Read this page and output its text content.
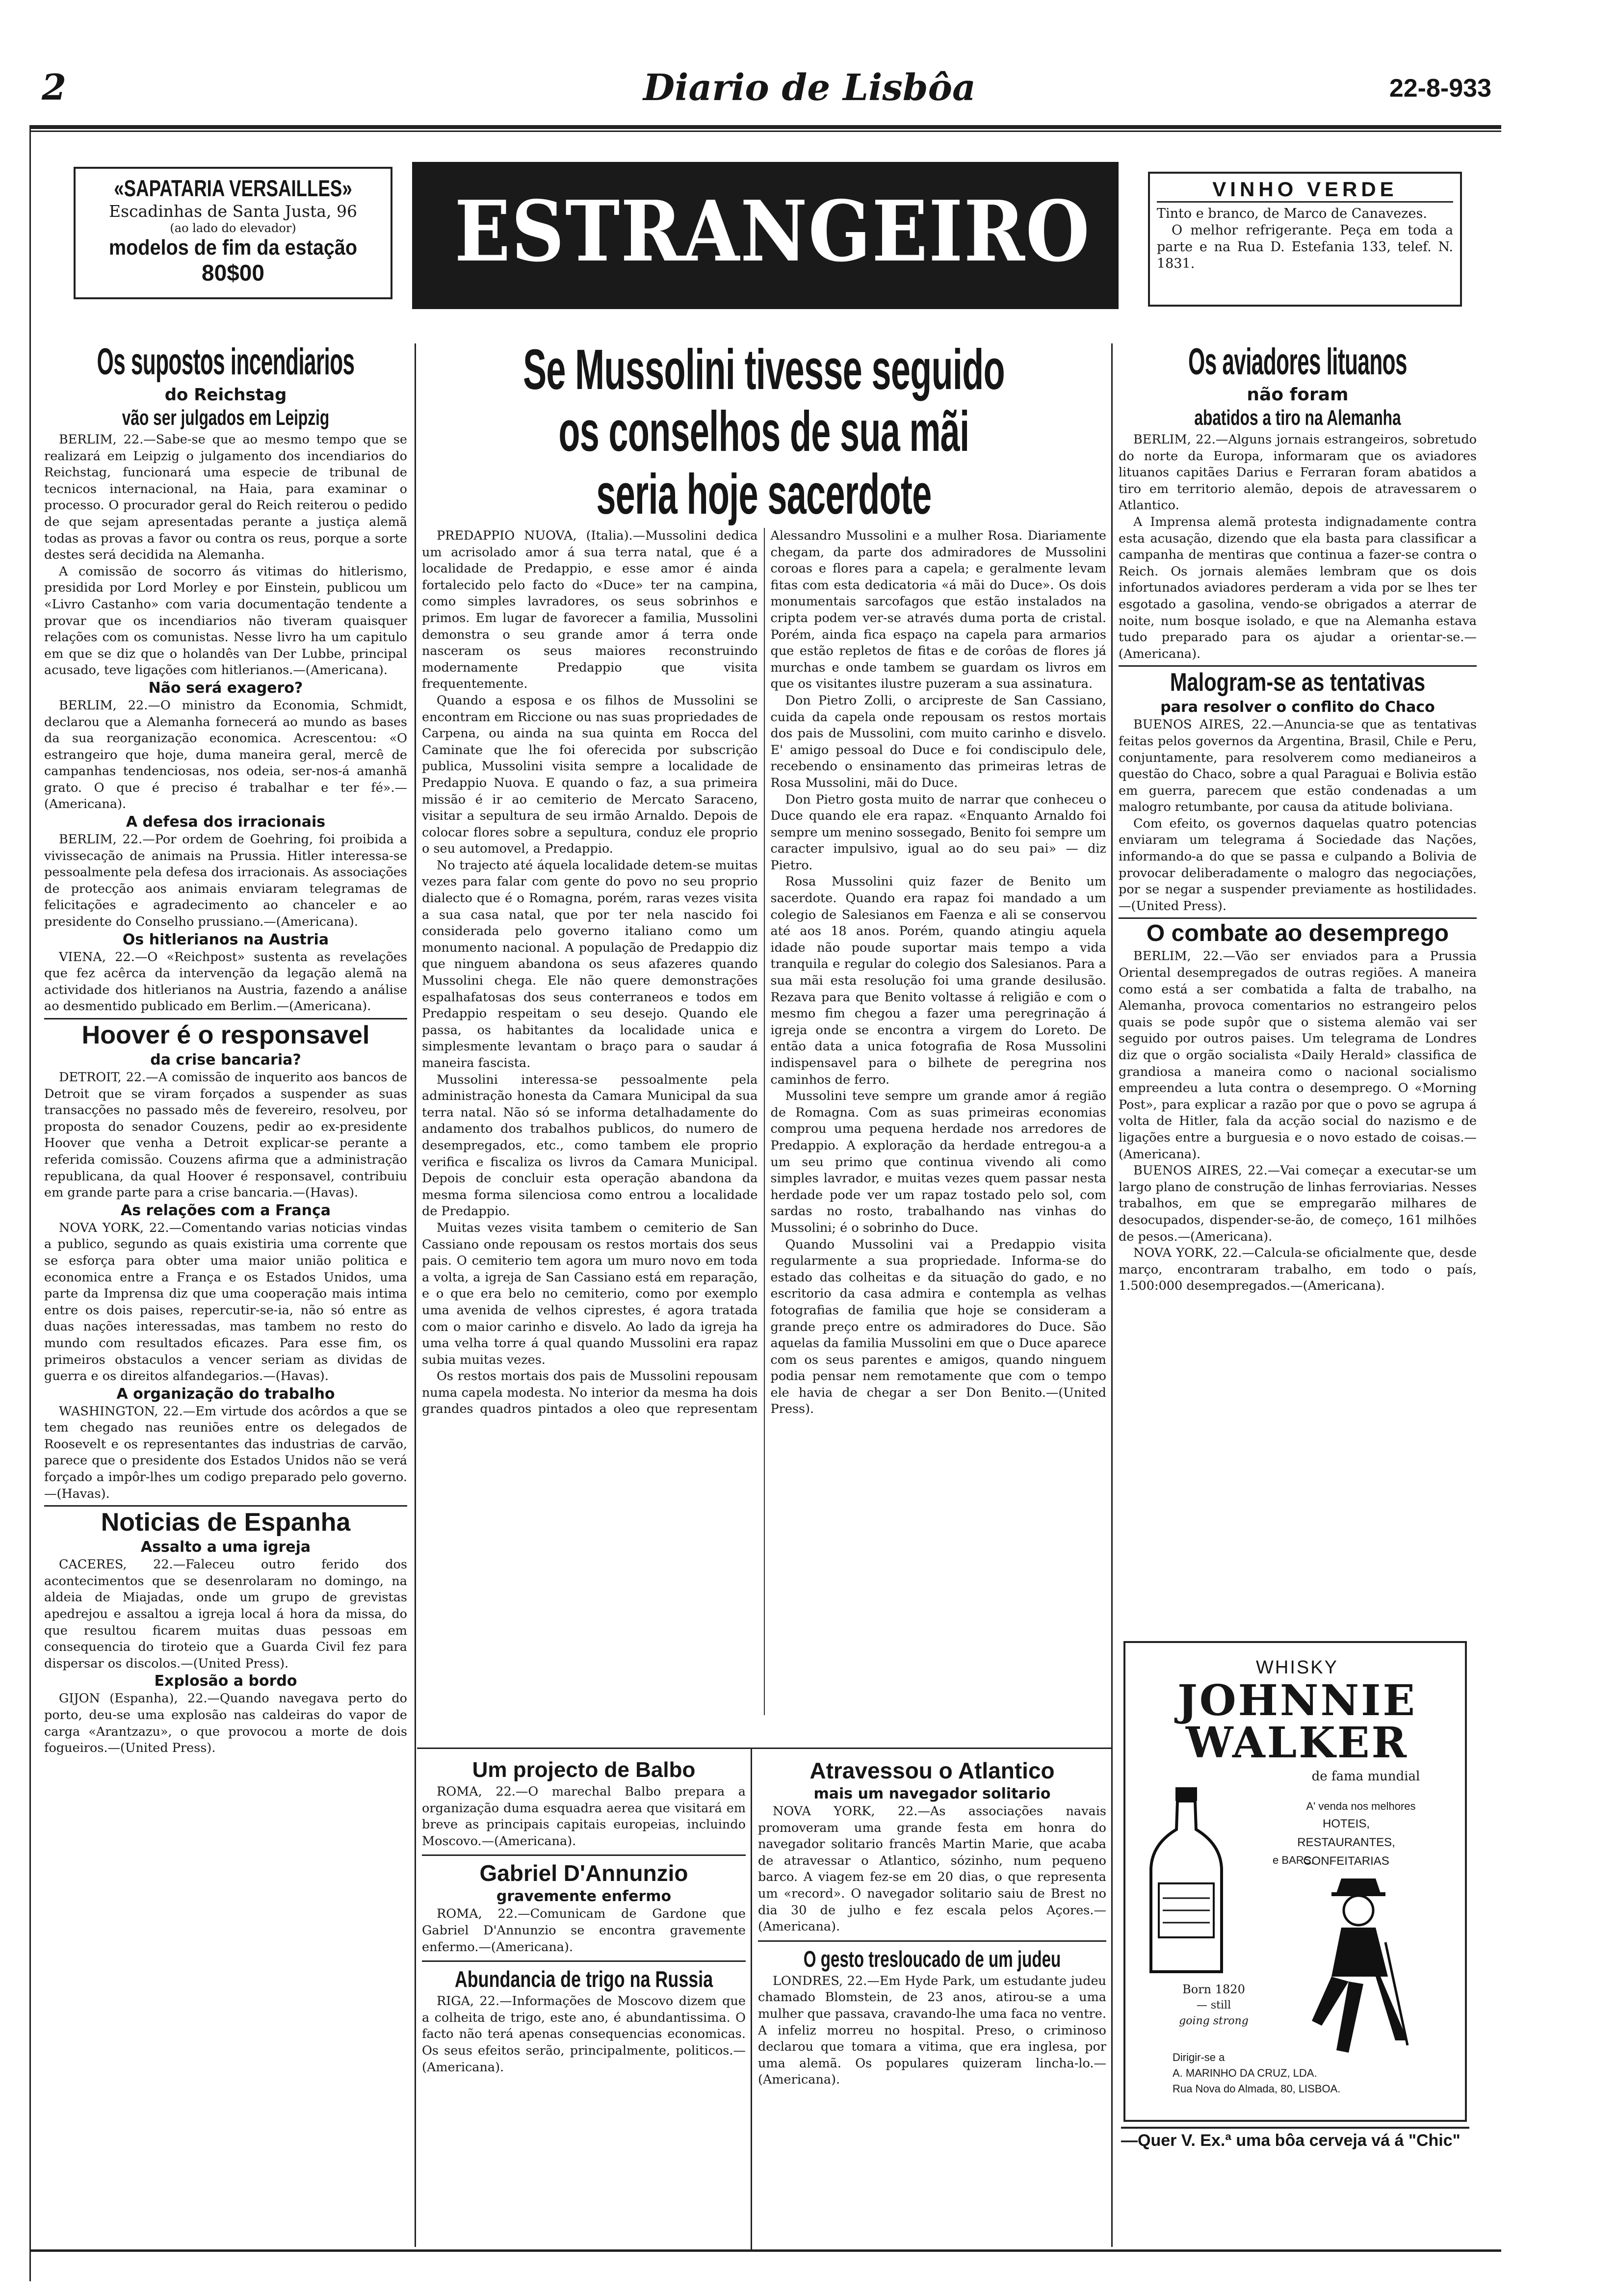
2	Diario de Lisbôa	22-8-933
«SAPATARIA VERSAILLES»
Escadinhas de Santa Justa, 96
(ao lado do elevador)
modelos de fim da estação
80$00	ESTRANGEIRO	VINHO VERDE
Tinto e branco, de Marco de Canavezes.
O melhor refrigerante. Peça em toda a parte e na Rua D. Estefania 133, telef. N. 1831.
Os supostos incendiarios
do Reichstag
vão ser julgados em Leipzig

BERLIM, 22.—Sabe-se que ao mesmo tempo que se realizará em Leipzig o julgamento dos incendiarios do Reichstag, funcionará uma especie de tribunal de tecnicos internacional, na Haia, para examinar o processo. O procurador geral do Reich reiterou o pedido de que sejam apresentadas perante a justiça alemã todas as provas a favor ou contra os reus, porque a sorte destes será decidida na Alemanha.

A comissão de socorro ás vitimas do hitlerismo, presidida por Lord Morley e por Einstein, publicou um «Livro Castanho» com varia documentação tendente a provar que os incendiarios não tiveram quaisquer relações com os comunistas. Nesse livro ha um capitulo em que se diz que o holandês van Der Lubbe, principal acusado, teve ligações com hitlerianos.—(Americana).

Não será exagero?

BERLIM, 22.—O ministro da Economia, Schmidt, declarou que a Alemanha fornecerá ao mundo as bases da sua reorganização economica. Acrescentou: «O estrangeiro que hoje, duma maneira geral, mercê de campanhas tendenciosas, nos odeia, ser-nos-á amanhã grato. O que é preciso é trabalhar e ter fé».—(Americana).

A defesa dos irracionais

BERLIM, 22.—Por ordem de Goehring, foi proibida a vivissecação de animais na Prussia. Hitler interessa-se pessoalmente pela defesa dos irracionais. As associações de protecção aos animais enviaram telegramas de felicitações e agradecimento ao chanceler e ao presidente do Conselho prussiano.—(Americana).

Os hitlerianos na Austria

VIENA, 22.—O «Reichpost» sustenta as revelações que fez acêrca da intervenção da legação alemã na actividade dos hitlerianos na Austria, fazendo a análise ao desmentido publicado em Berlim.—(Americana).

Hoover é o responsavel
da crise bancaria?

DETROIT, 22.—A comissão de inquerito aos bancos de Detroit que se viram forçados a suspender as suas transacções no passado mês de fevereiro, resolveu, por proposta do senador Couzens, pedir ao ex-presidente Hoover que venha a Detroit explicar-se perante a referida comissão. Couzens afirma que a administração republicana, da qual Hoover é responsavel, contribuiu em grande parte para a crise bancaria.—(Havas).

As relações com a França

NOVA YORK, 22.—Comentando varias noticias vindas a publico, segundo as quais existiria uma corrente que se esforça para obter uma maior união politica e economica entre a França e os Estados Unidos, uma parte da Imprensa diz que uma cooperação mais intima entre os dois paises, repercutir-se-ia, não só entre as duas nações interessadas, mas tambem no resto do mundo com resultados eficazes. Para esse fim, os primeiros obstaculos a vencer seriam as dividas de guerra e os direitos alfandegarios.—(Havas).

A organização do trabalho

WASHINGTON, 22.—Em virtude dos acôrdos a que se tem chegado nas reuniões entre os delegados de Roosevelt e os representantes das industrias de carvão, parece que o presidente dos Estados Unidos não se verá forçado a impôr-lhes um codigo preparado pelo governo.—(Havas).

Noticias de Espanha
Assalto a uma igreja

CACERES, 22.—Faleceu outro ferido dos acontecimentos que se desenrolaram no domingo, na aldeia de Miajadas, onde um grupo de grevistas apedrejou e assaltou a igreja local á hora da missa, do que resultou ficarem muitas duas pessoas em consequencia do tiroteio que a Guarda Civil fez para dispersar os discolos.—(United Press).

Explosão a bordo

GIJON (Espanha), 22.—Quando navegava perto do porto, deu-se uma explosão nas caldeiras do vapor de carga «Arantzazu», o que provocou a morte de dois fogueiros.—(United Press).

Se Mussolini tivesse seguido
os conselhos de sua mãi
seria hoje sacerdote

PREDAPPIO NUOVA, (Italia).—Mussolini dedica um acrisolado amor á sua terra natal, que é a localidade de Predappio, e esse amor é ainda fortalecido pelo facto do «Duce» ter na campina, como simples lavradores, os seus sobrinhos e primos. Em lugar de favorecer a familia, Mussolini demonstra o seu grande amor á terra onde nasceram os seus maiores reconstruindo modernamente Predappio que visita frequentemente.

Quando a esposa e os filhos de Mussolini se encontram em Riccione ou nas suas propriedades de Carpena, ou ainda na sua quinta em Rocca del Caminate que lhe foi oferecida por subscrição publica, Mussolini visita sempre a localidade de Predappio Nuova. E quando o faz, a sua primeira missão é ir ao cemiterio de Mercato Saraceno, visitar a sepultura de seu irmão Arnaldo. Depois de colocar flores sobre a sepultura, conduz ele proprio o seu automovel, a Predappio.

No trajecto até áquela localidade detem-se muitas vezes para falar com gente do povo no seu proprio dialecto que é o Romagna, porém, raras vezes visita a sua casa natal, que por ter nela nascido foi considerada pelo governo italiano como um monumento nacional. A população de Predappio diz que ninguem abandona os seus afazeres quando Mussolini chega. Ele não quere demonstrações espalhafatosas dos seus conterraneos e todos em Predappio respeitam o seu desejo. Quando ele passa, os habitantes da localidade unica e simplesmente levantam o braço para o saudar á maneira fascista.

Mussolini interessa-se pessoalmente pela administração honesta da Camara Municipal da sua terra natal. Não só se informa detalhadamente do andamento dos trabalhos publicos, do numero de desempregados, etc., como tambem ele proprio verifica e fiscaliza os livros da Camara Municipal. Depois de concluir esta operação abandona da mesma forma silenciosa como entrou a localidade de Predappio.

Muitas vezes visita tambem o cemiterio de San Cassiano onde repousam os restos mortais dos seus pais. O cemiterio tem agora um muro novo em toda a volta, a igreja de San Cassiano está em reparação, e o que era belo no cemiterio, como por exemplo uma avenida de velhos ciprestes, é agora tratada com o maior carinho e disvelo. Ao lado da igreja ha uma velha torre á qual quando Mussolini era rapaz subia muitas vezes.

Os restos mortais dos pais de Mussolini repousam numa capela modesta. No interior da mesma ha dois grandes quadros pintados a oleo que representam Alessandro Mussolini e a mulher Rosa. Diariamente chegam, da parte dos admiradores de Mussolini coroas e flores para a capela; e geralmente levam fitas com esta dedicatoria «á mãi do Duce». Os dois monumentais sarcofagos que estão instalados na cripta podem ver-se através duma porta de cristal. Porém, ainda fica espaço na capela para armarios que estão repletos de fitas e de corôas de flores já murchas e onde tambem se guardam os livros em que os visitantes ilustre puzeram a sua assinatura.

Don Pietro Zolli, o arcipreste de San Cassiano, cuida da capela onde repousam os restos mortais dos pais de Mussolini, com muito carinho e disvelo. E' amigo pessoal do Duce e foi condiscipulo dele, recebendo o ensinamento das primeiras letras de Rosa Mussolini, mãi do Duce.

Don Pietro gosta muito de narrar que conheceu o Duce quando ele era rapaz. «Enquanto Arnaldo foi sempre um menino sossegado, Benito foi sempre um caracter impulsivo, igual ao do seu pai» — diz Pietro.

Rosa Mussolini quiz fazer de Benito um sacerdote. Quando era rapaz foi mandado a um colegio de Salesianos em Faenza e ali se conservou até aos 18 anos. Porém, quando atingiu aquela idade não poude suportar mais tempo a vida tranquila e regular do colegio dos Salesianos. Para a sua mãi esta resolução foi uma grande desilusão. Rezava para que Benito voltasse á religião e com o mesmo fim chegou a fazer uma peregrinação á igreja onde se encontra a virgem do Loreto. De então data a unica fotografia de Rosa Mussolini indispensavel para o bilhete de peregrina nos caminhos de ferro.

Mussolini teve sempre um grande amor á região de Romagna. Com as suas primeiras economias comprou uma pequena herdade nos arredores de Predappio. A exploração da herdade entregou-a a um seu primo que continua vivendo ali como simples lavrador, e muitas vezes quem passar nesta herdade pode ver um rapaz tostado pelo sol, com sardas no rosto, trabalhando nas vinhas do Mussolini; é o sobrinho do Duce.

Quando Mussolini vai a Predappio visita regularmente a sua propriedade. Informa-se do estado das colheitas e da situação do gado, e no escritorio da casa admira e contempla as velhas fotografias de familia que hoje se consideram a grande preço entre os admiradores do Duce. São aquelas da familia Mussolini em que o Duce aparece com os seus parentes e amigos, quando ninguem podia pensar nem remotamente que com o tempo ele havia de chegar a ser Don Benito.—(United Press).

Um projecto de Balbo

ROMA, 22.—O marechal Balbo prepara a organização duma esquadra aerea que visitará em breve as principais capitais europeias, incluindo Moscovo.—(Americana).

Gabriel D'Annunzio
gravemente enfermo

ROMA, 22.—Comunicam de Gardone que Gabriel D'Annunzio se encontra gravemente enfermo.—(Americana).

Abundancia de trigo na Russia

RIGA, 22.—Informações de Moscovo dizem que a colheita de trigo, este ano, é abundantissima. O facto não terá apenas consequencias economicas. Os seus efeitos serão, principalmente, politicos.—(Americana).

Atravessou o Atlantico
mais um navegador solitario

NOVA YORK, 22.—As associações navais promoveram uma grande festa em honra do navegador solitario francês Martin Marie, que acaba de atravessar o Atlantico, sózinho, num pequeno barco. A viagem fez-se em 20 dias, o que representa um «record». O navegador solitario saiu de Brest no dia 30 de julho e fez escala pelos Açores.—(Americana).

O gesto tresloucado de um judeu

LONDRES, 22.—Em Hyde Park, um estudante judeu chamado Blomstein, de 23 anos, atirou-se a uma mulher que passava, cravando-lhe uma faca no ventre. A infeliz morreu no hospital. Preso, o criminoso declarou que tomara a vitima, que era inglesa, por uma alemã. Os populares quizeram lincha-lo.—(Americana).

Os aviadores lituanos
não foram
abatidos a tiro na Alemanha

BERLIM, 22.—Alguns jornais estrangeiros, sobretudo do norte da Europa, informaram que os aviadores lituanos capitães Darius e Ferraran foram abatidos a tiro em territorio alemão, depois de atravessarem o Atlantico.

A Imprensa alemã protesta indignadamente contra esta acusação, dizendo que ela basta para classificar a campanha de mentiras que continua a fazer-se contra o Reich. Os jornais alemães lembram que os dois infortunados aviadores perderam a vida por se lhes ter esgotado a gasolina, vendo-se obrigados a aterrar de noite, num bosque isolado, e que na Alemanha estava tudo preparado para os ajudar a orientar-se.—(Americana).

Malogram-se as tentativas
para resolver o conflito do Chaco

BUENOS AIRES, 22.—Anuncia-se que as tentativas feitas pelos governos da Argentina, Brasil, Chile e Peru, conjuntamente, para resolverem como medianeiros a questão do Chaco, sobre a qual Paraguai e Bolivia estão em guerra, parecem que estão condenadas a um malogro retumbante, por causa da atitude boliviana.

Com efeito, os governos daquelas quatro potencias enviaram um telegrama á Sociedade das Nações, informando-a do que se passa e culpando a Bolivia de provocar deliberadamente o malogro das negociações, por se negar a suspender previamente as hostilidades.—(United Press).

O combate ao desemprego

BERLIM, 22.—Vão ser enviados para a Prussia Oriental desempregados de outras regiões. A maneira como está a ser combatida a falta de trabalho, na Alemanha, provoca comentarios no estrangeiro pelos quais se pode supôr que o sistema alemão vai ser seguido por outros paises. Um telegrama de Londres diz que o orgão socialista «Daily Herald» classifica de grandiosa a maneira como o nacional socialismo empreendeu a luta contra o desemprego. O «Morning Post», para explicar a razão por que o povo se agrupa á volta de Hitler, fala da acção social do nazismo e de ligações entre a burguesia e o novo estado de coisas.—(Americana).

BUENOS AIRES, 22.—Vai começar a executar-se um largo plano de construção de linhas ferroviarias. Nesses trabalhos, em que se empregarão milhares de desocupados, dispender-se-ão, de começo, 161 milhões de pesos.—(Americana).

NOVA YORK, 22.—Calcula-se oficialmente que, desde março, encontraram trabalho, em todo o país, 1.500:000 desempregados.—(Americana).

WHISKY
JOHNNIE
WALKER
de fama mundial
A' venda nos melhores
HOTEIS, RESTAURANTES, CONFEITARIAS
e BARS.
Born 1820
— still
going strong
Dirigir-se a
A. MARINHO DA CRUZ, LDA.
Rua Nova do Almada, 80, LISBOA.
—Quer V. Ex.ª uma bôa cerveja vá á "Chic"
